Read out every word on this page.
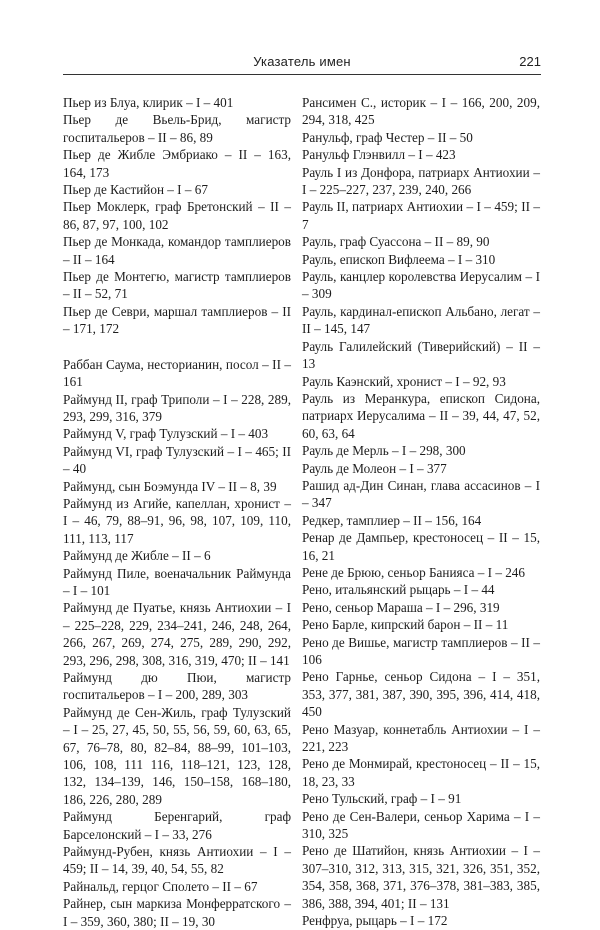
Указатель имен	221
Пьер из Блуа, клирик – I – 401
Пьер де Вьель-Брид, магистр госпитальеров – II – 86, 89
Пьер де Жибле Эмбриако – II – 163, 164, 173
Пьер де Кастийон – I – 67
Пьер Моклерк, граф Бретонский – II – 86, 87, 97, 100, 102
Пьер де Монкада, командор тамплиеров – II – 164
Пьер де Монтегю, магистр тамплиеров – II – 52, 71
Пьер де Севри, маршал тамплиеров – II – 171, 172
Раббан Саума, несторианин, посол – II – 161
Раймунд II, граф Триполи – I – 228, 289, 293, 299, 316, 379
Раймунд V, граф Тулузский – I – 403
Раймунд VI, граф Тулузский – I – 465; II – 40
Раймунд, сын Боэмунда IV – II – 8, 39
Раймунд из Агийе, капеллан, хронист – I – 46, 79, 88–91, 96, 98, 107, 109, 110, 111, 113, 117
Раймунд де Жибле – II – 6
Раймунд Пиле, военачальник Раймунда – I – 101
Раймунд де Пуатье, князь Антиохии – I – 225–228, 229, 234–241, 246, 248, 264, 266, 267, 269, 274, 275, 289, 290, 292, 293, 296, 298, 308, 316, 319, 470; II – 141
Раймунд дю Пюи, магистр госпитальеров – I – 200, 289, 303
Раймунд де Сен-Жиль, граф Тулузский – I – 25, 27, 45, 50, 55, 56, 59, 60, 63, 65, 67, 76–78, 80, 82–84, 88–99, 101–103, 106, 108, 111 116, 118–121, 123, 128, 132, 134–139, 146, 150–158, 168–180, 186, 226, 280, 289
Раймунд Беренгарий, граф Барселонский – I – 33, 276
Раймунд-Рубен, князь Антиохии – I – 459; II – 14, 39, 40, 54, 55, 82
Райнальд, герцог Сполето – II – 67
Райнер, сын маркиза Монферратского – I – 359, 360, 380; II – 19, 30
Рансимен С., историк – I – 166, 200, 209, 294, 318, 425
Ранульф, граф Честер – II – 50
Ранульф Глэнвилл – I – 423
Рауль I из Донфора, патриарх Антиохии – I – 225–227, 237, 239, 240, 266
Рауль II, патриарх Антиохии – I – 459; II – 7
Рауль, граф Суассона – II – 89, 90
Рауль, епископ Вифлеема – I – 310
Рауль, канцлер королевства Иерусалим – I – 309
Рауль, кардинал-епископ Альбано, легат – II – 145, 147
Рауль Галилейский (Тиверийский) – II – 13
Рауль Каэнский, хронист – I – 92, 93
Рауль из Меранкура, епископ Сидона, патриарх Иерусалима – II – 39, 44, 47, 52, 60, 63, 64
Рауль де Мерль – I – 298, 300
Рауль де Молеон – I – 377
Рашид ад-Дин Синан, глава ассасинов – I – 347
Редкер, тамплиер – II – 156, 164
Ренар де Дампьер, крестоносец – II – 15, 16, 21
Рене де Брюю, сеньор Банияса – I – 246
Рено, итальянский рыцарь – I – 44
Рено, сеньор Мараша – I – 296, 319
Рено Барле, кипрский барон – II – 11
Рено де Вишье, магистр тамплиеров – II – 106
Рено Гарнье, сеньор Сидона – I – 351, 353, 377, 381, 387, 390, 395, 396, 414, 418, 450
Рено Мазуар, коннетабль Антиохии – I – 221, 223
Рено де Монмирай, крестоносец – II – 15, 18, 23, 33
Рено Тульский, граф – I – 91
Рено де Сен-Валери, сеньор Харима – I – 310, 325
Рено де Шатийон, князь Антиохии – I – 307–310, 312, 313, 315, 321, 326, 351, 352, 354, 358, 368, 371, 376–378, 381–383, 385, 386, 388, 394, 401; II – 131
Ренфруа, рыцарь – I – 172
